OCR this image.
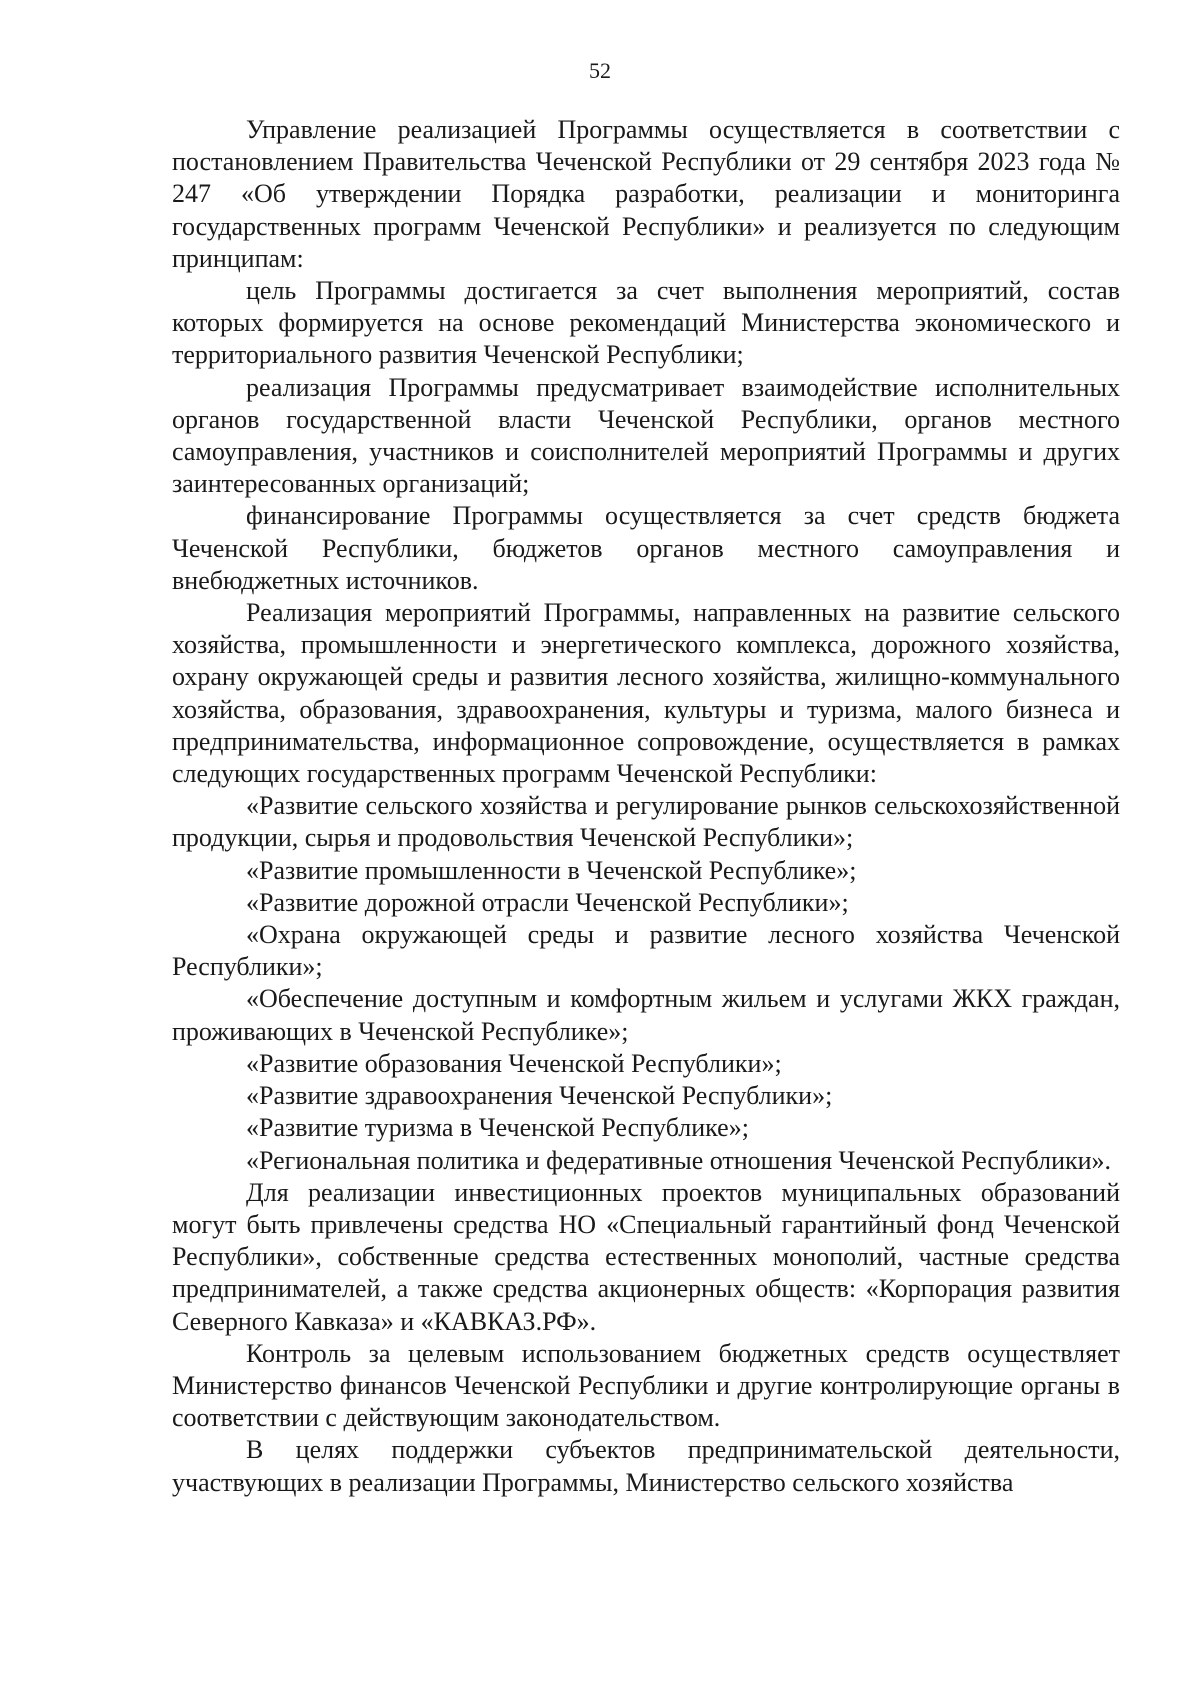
52

Управление реализацией Программы осуществляется в соответствии с постановлением Правительства Чеченской Республики от 29 сентября 2023 года № 247 «Об утверждении Порядка разработки, реализации и мониторинга государственных программ Чеченской Республики» и реализуется по следующим принципам:

цель Программы достигается за счет выполнения мероприятий, состав которых формируется на основе рекомендаций Министерства экономического и территориального развития Чеченской Республики;

реализация Программы предусматривает взаимодействие исполнительных органов государственной власти Чеченской Республики, органов местного самоуправления, участников и соисполнителей мероприятий Программы и других заинтересованных организаций;

финансирование Программы осуществляется за счет средств бюджета Чеченской Республики, бюджетов органов местного самоуправления и внебюджетных источников.

Реализация мероприятий Программы, направленных на развитие сельского хозяйства, промышленности и энергетического комплекса, дорожного хозяйства, охрану окружающей среды и развития лесного хозяйства, жилищно-коммунального хозяйства, образования, здравоохранения, культуры и туризма, малого бизнеса и предпринимательства, информационное сопровождение, осуществляется в рамках следующих государственных программ Чеченской Республики:

«Развитие сельского хозяйства и регулирование рынков сельскохозяйственной продукции, сырья и продовольствия Чеченской Республики»;

«Развитие промышленности в Чеченской Республике»;

«Развитие дорожной отрасли Чеченской Республики»;

«Охрана окружающей среды и развитие лесного хозяйства Чеченской Республики»;

«Обеспечение доступным и комфортным жильем и услугами ЖКХ граждан, проживающих в Чеченской Республике»;

«Развитие образования Чеченской Республики»;

«Развитие здравоохранения Чеченской Республики»;

«Развитие туризма в Чеченской Республике»;

«Региональная политика и федеративные отношения Чеченской Республики».

Для реализации инвестиционных проектов муниципальных образований могут быть привлечены средства НО «Специальный гарантийный фонд Чеченской Республики», собственные средства естественных монополий, частные средства предпринимателей, а также средства акционерных обществ: «Корпорация развития Северного Кавказа» и «КАВКАЗ.РФ».

Контроль за целевым использованием бюджетных средств осуществляет Министерство финансов Чеченской Республики и другие контролирующие органы в соответствии с действующим законодательством.

В целях поддержки субъектов предпринимательской деятельности, участвующих в реализации Программы, Министерство сельского хозяйства
